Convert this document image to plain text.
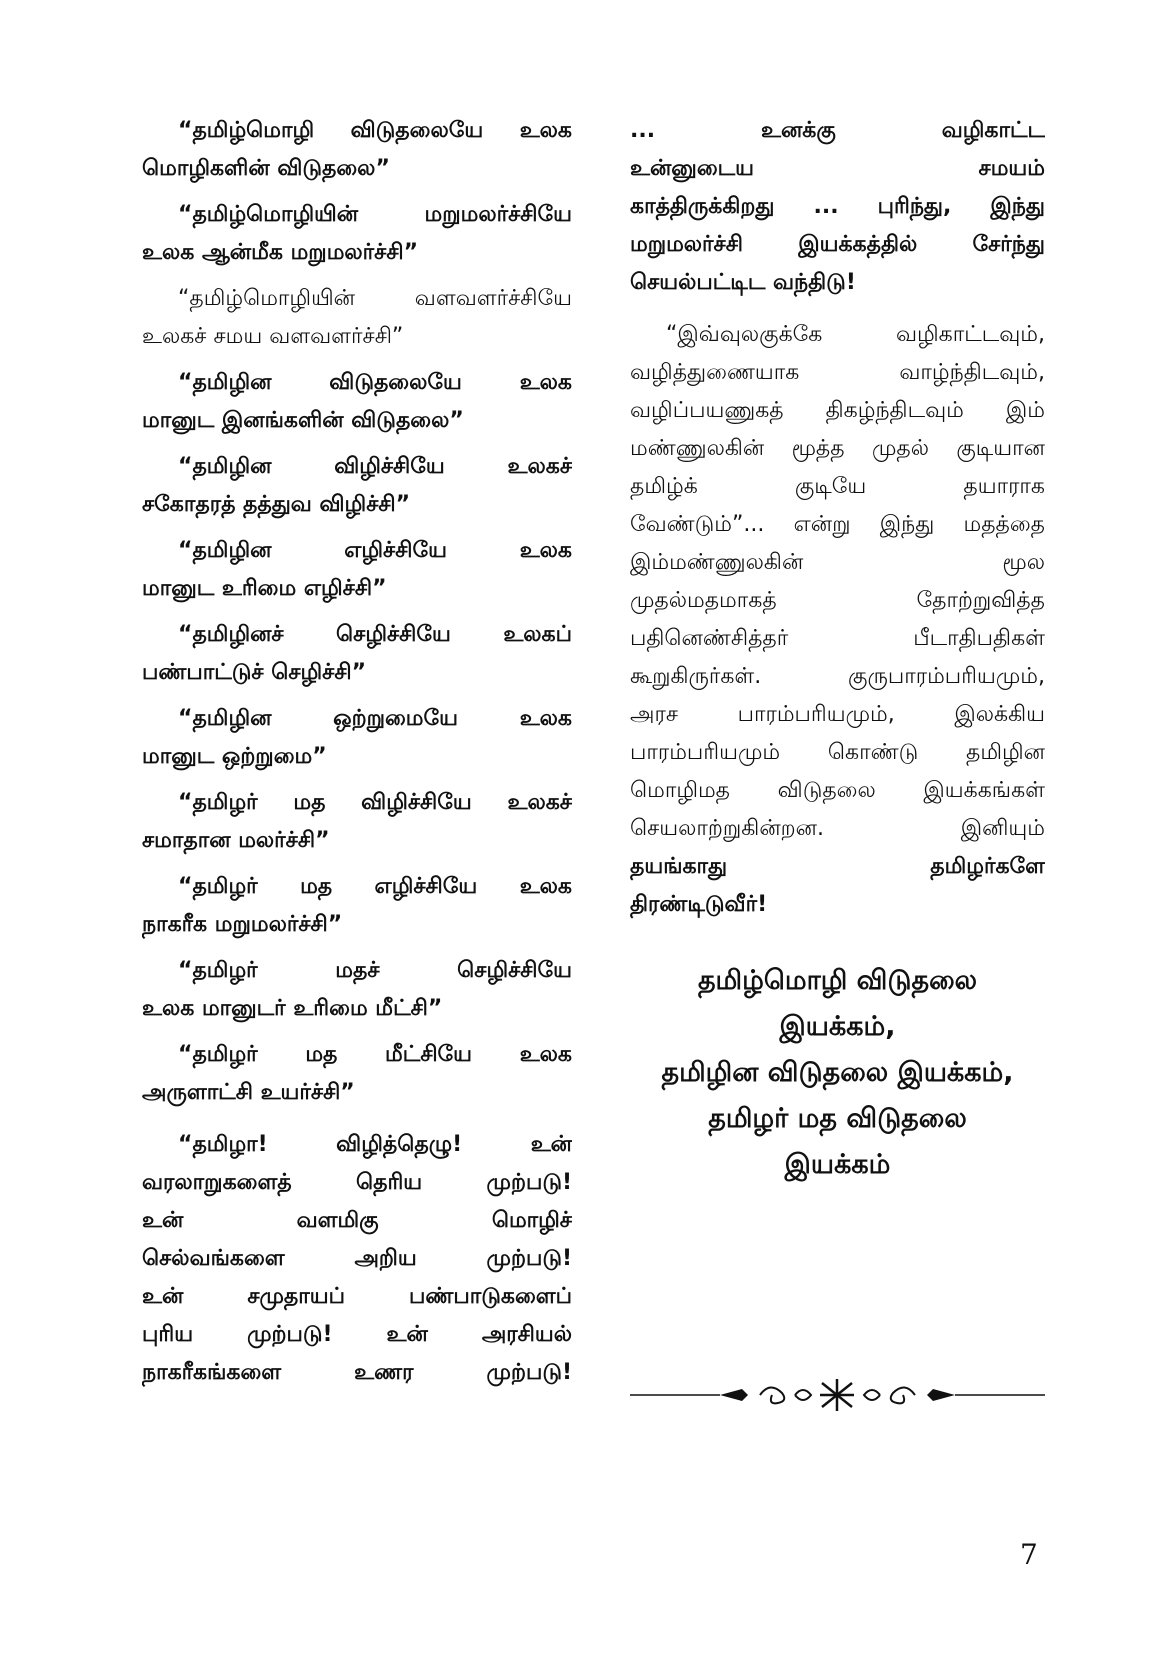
“தமிழ்மொழி விடுதலையே உலக
மொழிகளின் விடுதலை”
“தமிழ்மொழியின் மறுமலர்ச்சியே
உலக ஆன்மீக மறுமலர்ச்சி”
“தமிழ்மொழியின் வளவளர்ச்சியே
உலகச் சமய வளவளர்ச்சி”
“தமிழின விடுதலையே உலக
மானுட இனங்களின் விடுதலை”
“தமிழின விழிச்சியே உலகச்
சகோதரத் தத்துவ விழிச்சி”
“தமிழின எழிச்சியே உலக
மானுட உரிமை எழிச்சி”
“தமிழினச் செழிச்சியே உலகப்
பண்பாட்டுச் செழிச்சி”
“தமிழின ஒற்றுமையே உலக
மானுட ஒற்றுமை”
“தமிழர் மத விழிச்சியே உலகச்
சமாதான மலர்ச்சி”
“தமிழர் மத எழிச்சியே உலக
நாகரீக மறுமலர்ச்சி”
“தமிழர் மதச் செழிச்சியே
உலக மானுடர் உரிமை மீட்சி”
“தமிழர் மத மீட்சியே உலக
அருளாட்சி உயர்ச்சி”
“தமிழா! விழித்தெழு! உன்
வரலாறுகளைத் தெரிய முற்படு!
உன் வளமிகு மொழிச்
செல்வங்களை அறிய முற்படு!
உன் சமுதாயப் பண்பாடுகளைப்
புரிய முற்படு! உன் அரசியல்
நாகரீகங்களை உணர முற்படு!
... உனக்கு வழிகாட்ட
உன்னுடைய சமயம்
காத்திருக்கிறது ... புரிந்து, இந்து
மறுமலர்ச்சி இயக்கத்தில் சேர்ந்து
செயல்பட்டிட வந்திடு!
“இவ்வுலகுக்கே வழிகாட்டவும்,
வழித்துணையாக வாழ்ந்திடவும்,
வழிப்பயணுகத் திகழ்ந்திடவும் இம்
மண்ணுலகின் மூத்த முதல் குடியான
தமிழ்க் குடியே தயாராக
வேண்டும்”... என்று இந்து மதத்தை
இம்மண்ணுலகின் மூல
முதல்மதமாகத் தோற்றுவித்த
பதினெண்சித்தர் பீடாதிபதிகள்
கூறுகிருர்கள். குருபாரம்பரியமும்,
அரச பாரம்பரியமும், இலக்கிய
பாரம்பரியமும் கொண்டு தமிழின
மொழிமத விடுதலை இயக்கங்கள்
செயலாற்றுகின்றன. இனியும்
தயங்காது தமிழர்களே
திரண்டிடுவீர்!
தமிழ்மொழி விடுதலை
இயக்கம்,
தமிழின விடுதலை இயக்கம்,
தமிழர் மத விடுதலை
இயக்கம்
7
